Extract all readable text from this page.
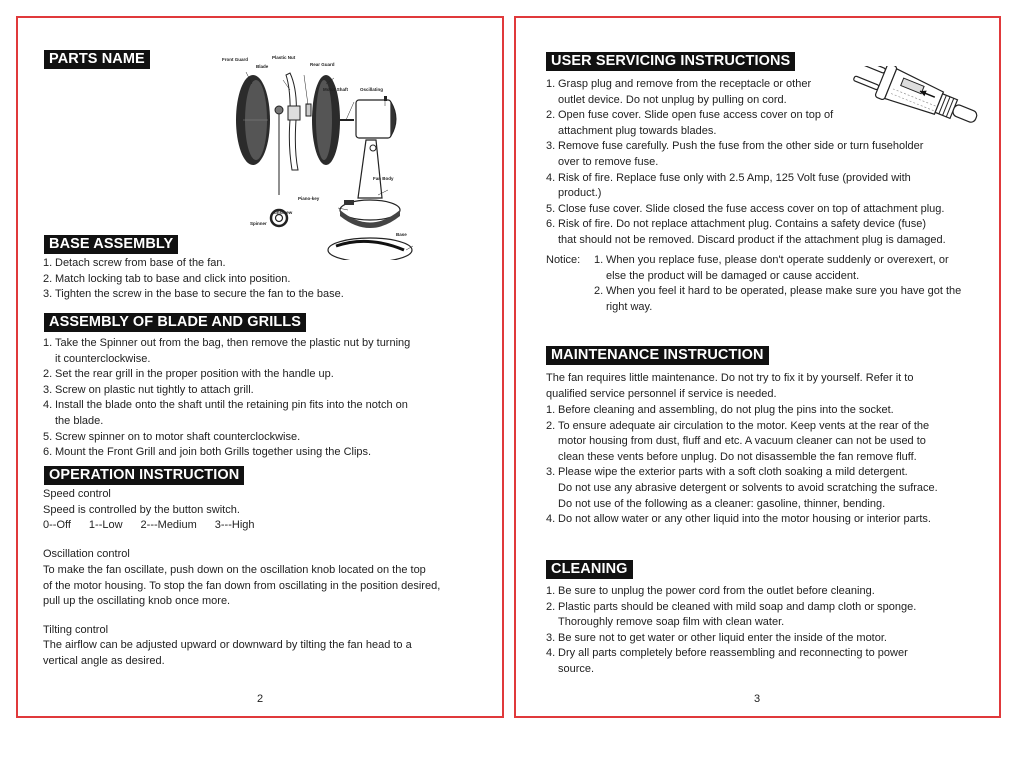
PARTS NAME	Front Guard
Blade
Plastic Nut
Rear Guard
Motor Shaft	Oscillating
Fan Body
Piano-key
unscrew
Spinner
Base
BASE ASSEMBLY
1. Detach screw from base of the fan.
2. Match locking tab to base and click into position.
3. Tighten the screw in the base to secure the fan to the base.
ASSEMBLY OF BLADE AND GRILLS
1. Take the Spinner out from the bag, then remove the plastic nut by turning
it counterclockwise.
2. Set the rear grill in the proper position with the handle up.
3. Screw on plastic nut tightly to attach grill.
4. Install the blade onto the shaft until the retaining pin fits into the notch on
the blade.
5. Screw spinner on to motor shaft counterclockwise.
6. Mount the Front Grill and join both Grills together using the Clips.
OPERATION INSTRUCTION
Speed control
Speed is controlled by the button switch.
0--Off 1--Low 2---Medium 3---High
Oscillation control
To make the fan oscillate, push down on the oscillation knob located on the top
of the motor housing. To stop the fan down from oscillating in the position desired,
pull up the oscillating knob once more.
Tilting control
The airflow can be adjusted upward or downward by tilting the fan head to a
vertical angle as desired.
2
USER SERVICING INSTRUCTIONS
1. Grasp plug and remove from the receptacle or other
outlet device. Do not unplug by pulling on cord.
2. Open fuse cover. Slide open fuse access cover on top of
attachment plug towards blades.
3. Remove fuse carefully. Push the fuse from the other side or turn fuseholder
over to remove fuse.
4. Risk of fire. Replace fuse only with 2.5 Amp, 125 Volt fuse (provided with
product.)
5. Close fuse cover. Slide closed the fuse access cover on top of attachment plug.
6. Risk of fire. Do not replace attachment plug. Contains a safety device (fuse)
that should not be removed. Discard product if the attachment plug is damaged.
Notice: 1. When you replace fuse, please don't operate suddenly or overexert, or
else the product will be damaged or cause accident.
2. When you feel it hard to be operated, please make sure you have got the
right way.
MAINTENANCE INSTRUCTION
The fan requires little maintenance. Do not try to fix it by yourself. Refer it to
qualified service personnel if service is needed.
1. Before cleaning and assembling, do not plug the pins into the socket.
2. To ensure adequate air circulation to the motor. Keep vents at the rear of the
motor housing from dust, fluff and etc. A vacuum cleaner can not be used to
clean these vents before unplug. Do not disassemble the fan remove fluff.
3. Please wipe the exterior parts with a soft cloth soaking a mild detergent.
Do not use any abrasive detergent or solvents to avoid scratching the sufrace.
Do not use of the following as a cleaner: gasoline, thinner, bending.
4. Do not allow water or any other liquid into the motor housing or interior parts.
CLEANING
1. Be sure to unplug the power cord from the outlet before cleaning.
2. Plastic parts should be cleaned with mild soap and damp cloth or sponge.
Thoroughly remove soap film with clean water.
3. Be sure not to get water or other liquid enter the inside of the motor.
4. Dry all parts completely before reassembling and reconnecting to power
source.
3
